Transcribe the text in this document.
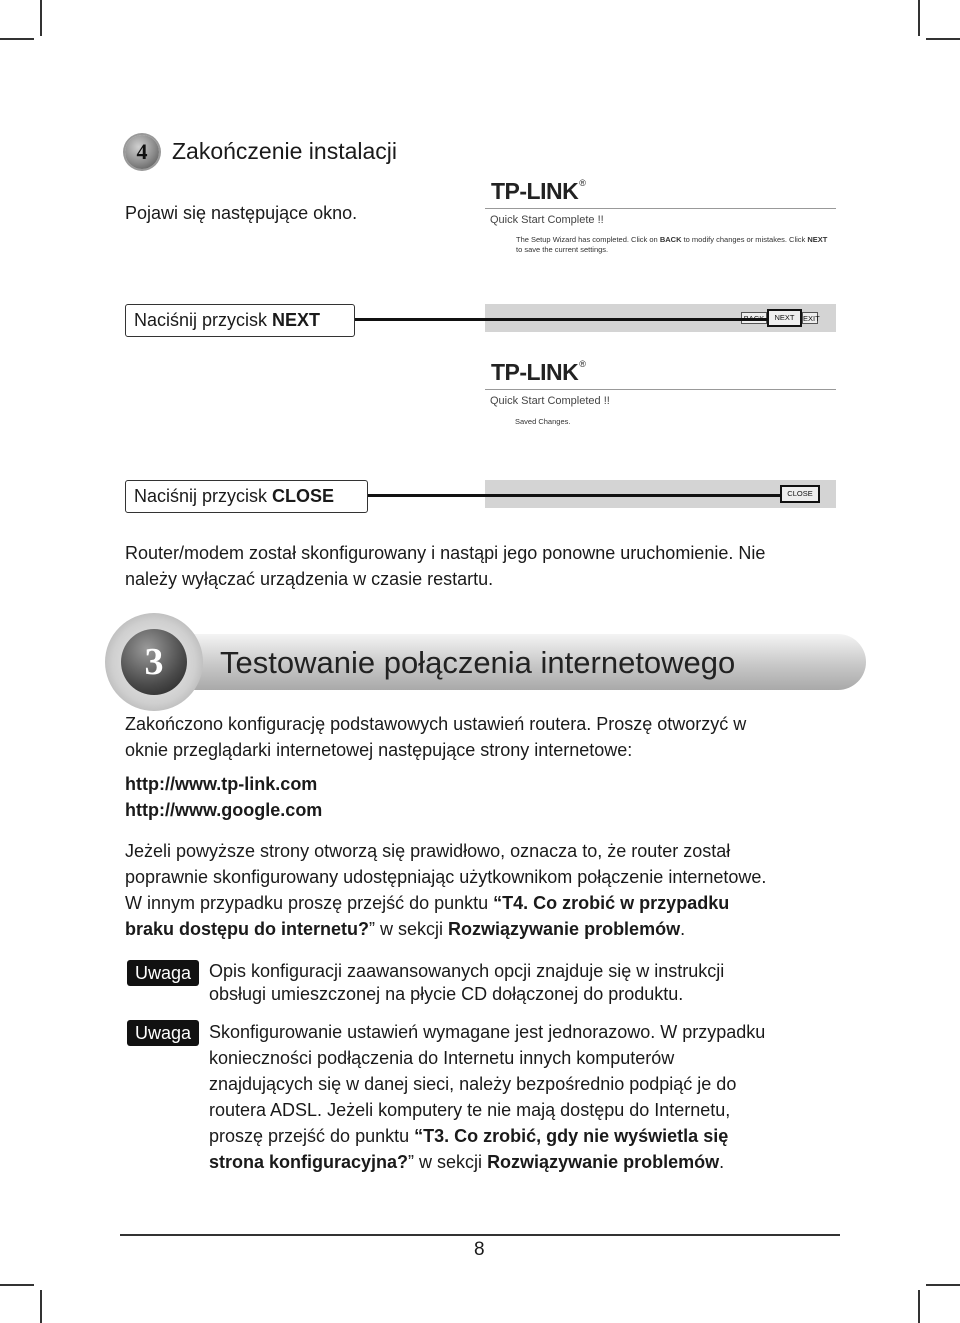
4 Zakończenie instalacji
Pojawi się następujące okno.
TP-LINK®
Quick Start Complete !!
The Setup Wizard has completed. Click on BACK to modify changes or mistakes. Click NEXT
to save the current settings.
NEXT	EXIT
Naciśnij przycisk NEXT
TP-LINK®
Quick Start Completed !!
Saved Changes.
CLOSE
Naciśnij przycisk CLOSE
Router/modem został skonfigurowany i nastąpi jego ponowne uruchomienie. Nie
należy wyłączać urządzenia w czasie restartu.
Testowanie połączenia internetowego
3
Zakończono konfigurację podstawowych ustawień routera. Proszę otworzyć w
oknie przeglądarki internetowej następujące strony internetowe:
http://www.tp-link.com
http://www.google.com
Jeżeli powyższe strony otworzą się prawidłowo, oznacza to, że router został
poprawnie skonfigurowany udostępniając użytkownikom połączenie internetowe.
W innym przypadku proszę przejść do punktu “T4. Co zrobić w przypadku
braku dostępu do internetu?” w sekcji Rozwiązywanie problemów.
Uwaga Opis konfiguracji zaawansowanych opcji znajduje się w instrukcji
obsługi umieszczonej na płycie CD dołączonej do produktu.
Uwaga Skonfigurowanie ustawień wymagane jest jednorazowo. W przypadku
konieczności podłączenia do Internetu innych komputerów
znajdujących się w danej sieci, należy bezpośrednio podpiąć je do
routera ADSL. Jeżeli komputery te nie mają dostępu do Internetu,
proszę przejść do punktu “T3. Co zrobić, gdy nie wyświetla się
strona konfiguracyjna?” w sekcji Rozwiązywanie problemów.
8
